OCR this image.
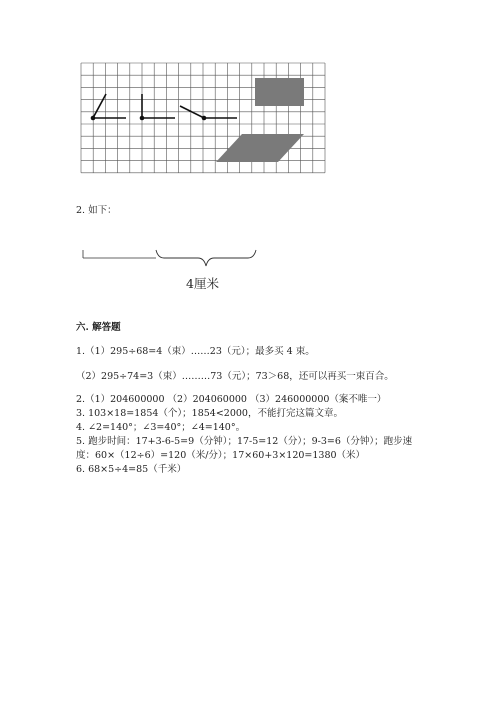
2. 如下：
4厘米
六. 解答题
1.（1）295÷68=4（束）……23（元）；最多买 4 束。
（2）295÷74=3（束）………73（元）；73＞68，还可以再买一束百合。
2.（1）204600000 （2）204060000 （3）246000000（案不唯一）
3. 103×18=1854（个）；1854<2000，不能打完这篇文章。
4. ∠2=140°；∠3=40°；∠4=140°。
5. 跑步时间：17+3-6-5=9（分钟）；17-5=12（分）；9-3=6（分钟）；跑步速
度：60×（12÷6）=120（米/分）；17×60+3×120=1380（米）
6. 68×5÷4=85（千米）
